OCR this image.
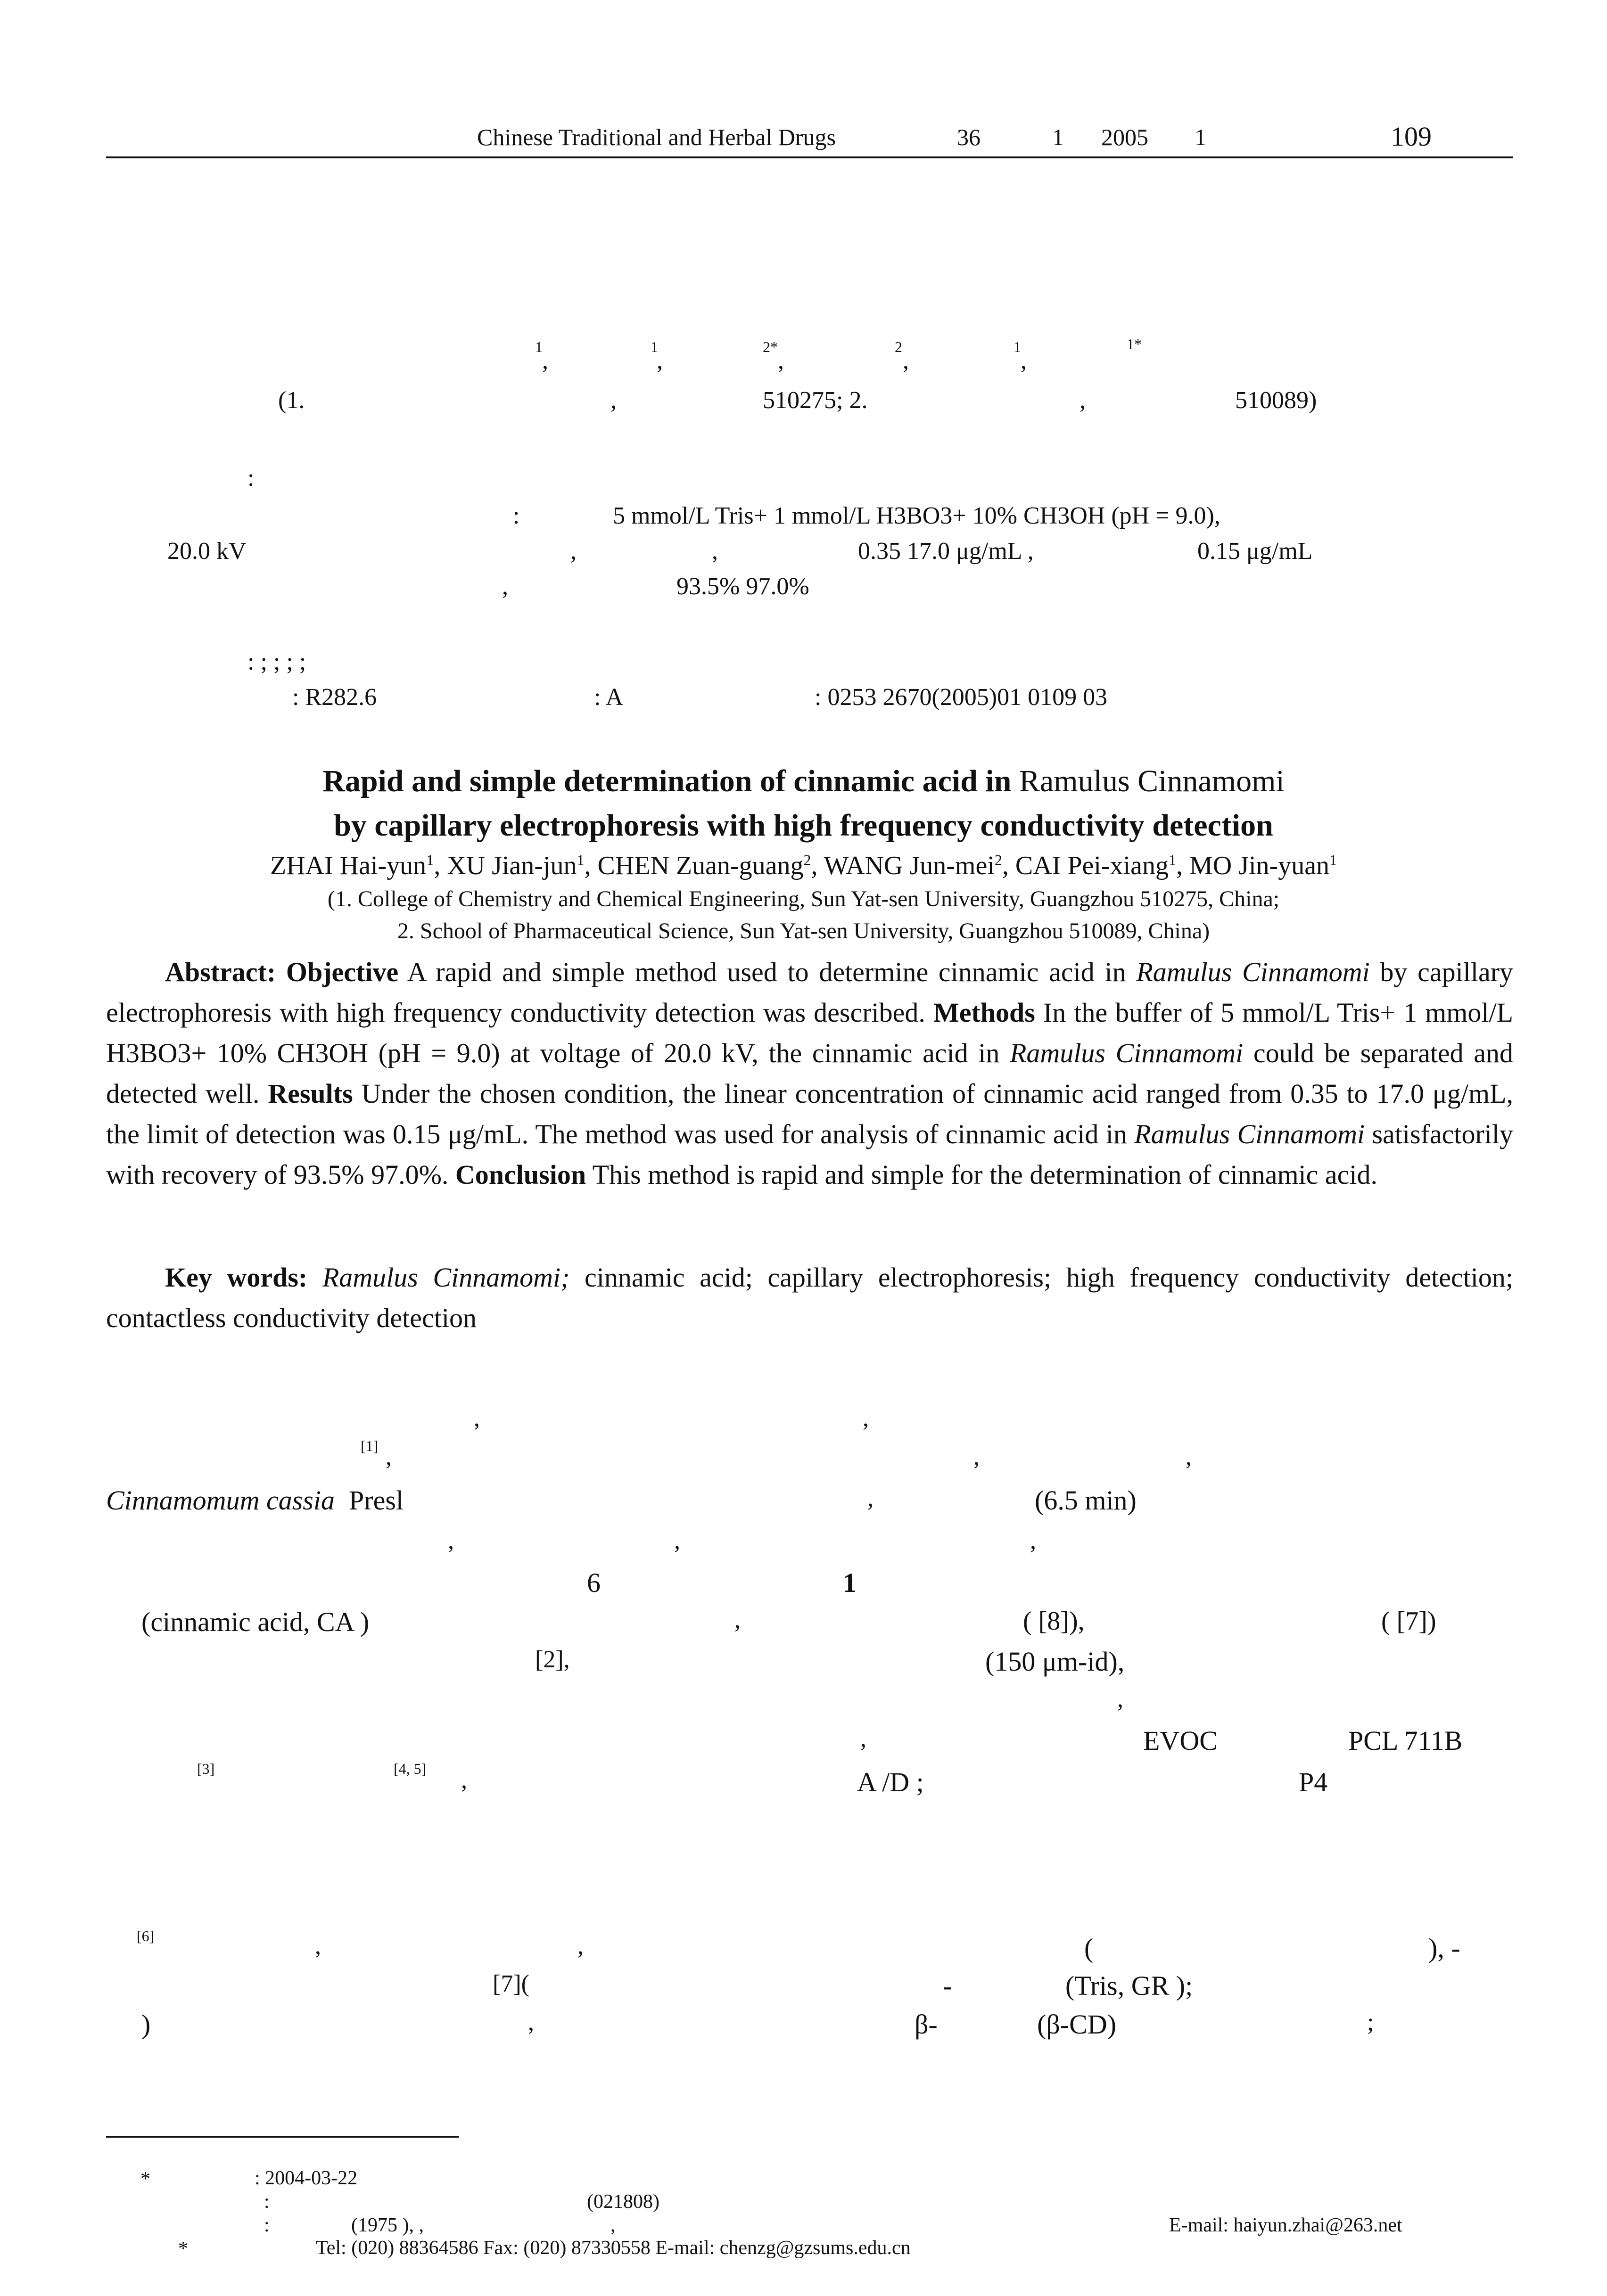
Chinese Traditional and Herbal Drugs	36	1 2005 1	109
1
,
1
,
2*
,
2
,
1
,
1*
(1.	,	510275; 2.	,	510089)
:
:	5 mmol/L Tris+ 1 mmol/L H3BO3+ 10% CH3OH (pH = 9.0),
20.0 kV	,	,	0.35 17.0 μg/mL ,	0.15 μg/mL
,	93.5% 97.0%
: ; ; ; ;
: R282.6	: A	: 0253 2670(2005)01 0109 03
Rapid and simple determination of cinnamic acid in Ramulus Cinnamomi
by capillary electrophoresis with high frequency conductivity detection
ZHAI Hai-yun$^1$, XU Jian-jun$^1$, CHEN Zuan-guang$^2$, WANG Jun-mei$^2$, CAI Pei-xiang$^1$, MO Jin-yuan$^1$
(1. College of Chemistry and Chemical Engineering, Sun Yat-sen University, Guangzhou 510275, China;
2. School of Pharmaceutical Science, Sun Yat-sen University, Guangzhou 510089, China)
Abstract: Objective A rapid and simple method used to determine cinnamic acid in Ramulus Cinnamomi by capillary electrophoresis with high frequency conductivity detection was described. Methods In the buffer of 5 mmol/L Tris+ 1 mmol/L H3BO3+ 10% CH3OH (pH = 9.0) at voltage of 20.0 kV, the cinnamic acid in Ramulus Cinnamomi could be separated and detected well. Results Under the chosen condition, the linear concentration of cinnamic acid ranged from 0.35 to 17.0 μg/mL, the limit of detection was 0.15 μg/mL. The method was used for analysis of cinnamic acid in Ramulus Cinnamomi satisfactorily with recovery of 93.5% 97.0%. Conclusion This method is rapid and simple for the determination of cinnamic acid.
Key words: Ramulus Cinnamomi; cinnamic acid; capillary electrophoresis; high frequency conductivity detection; contactless conductivity detection
,	,
[1] ,	,	,
Cinnamomum cassia Presl	,	(6.5 min)
,	,	,
6	1
(cinnamic acid, CA )	,	( [8]),	( [7])
[2],	(150 μm-id),
,
,	EVOC	PCL 711B
[3]	[4, 5] ,	A /D ;	P4
[6]	,	,	(	), -
[7](	-	(Tris, GR );
)	,	β-	(β-CD)	;
*	: 2004-03-22
:	(021808)
:	(1975 ), ,	,	E-mail: haiyun.zhai@263.net
*	Tel: (020) 88364586 Fax: (020) 87330558 E-mail: chenzg@gzsums.edu.cn
